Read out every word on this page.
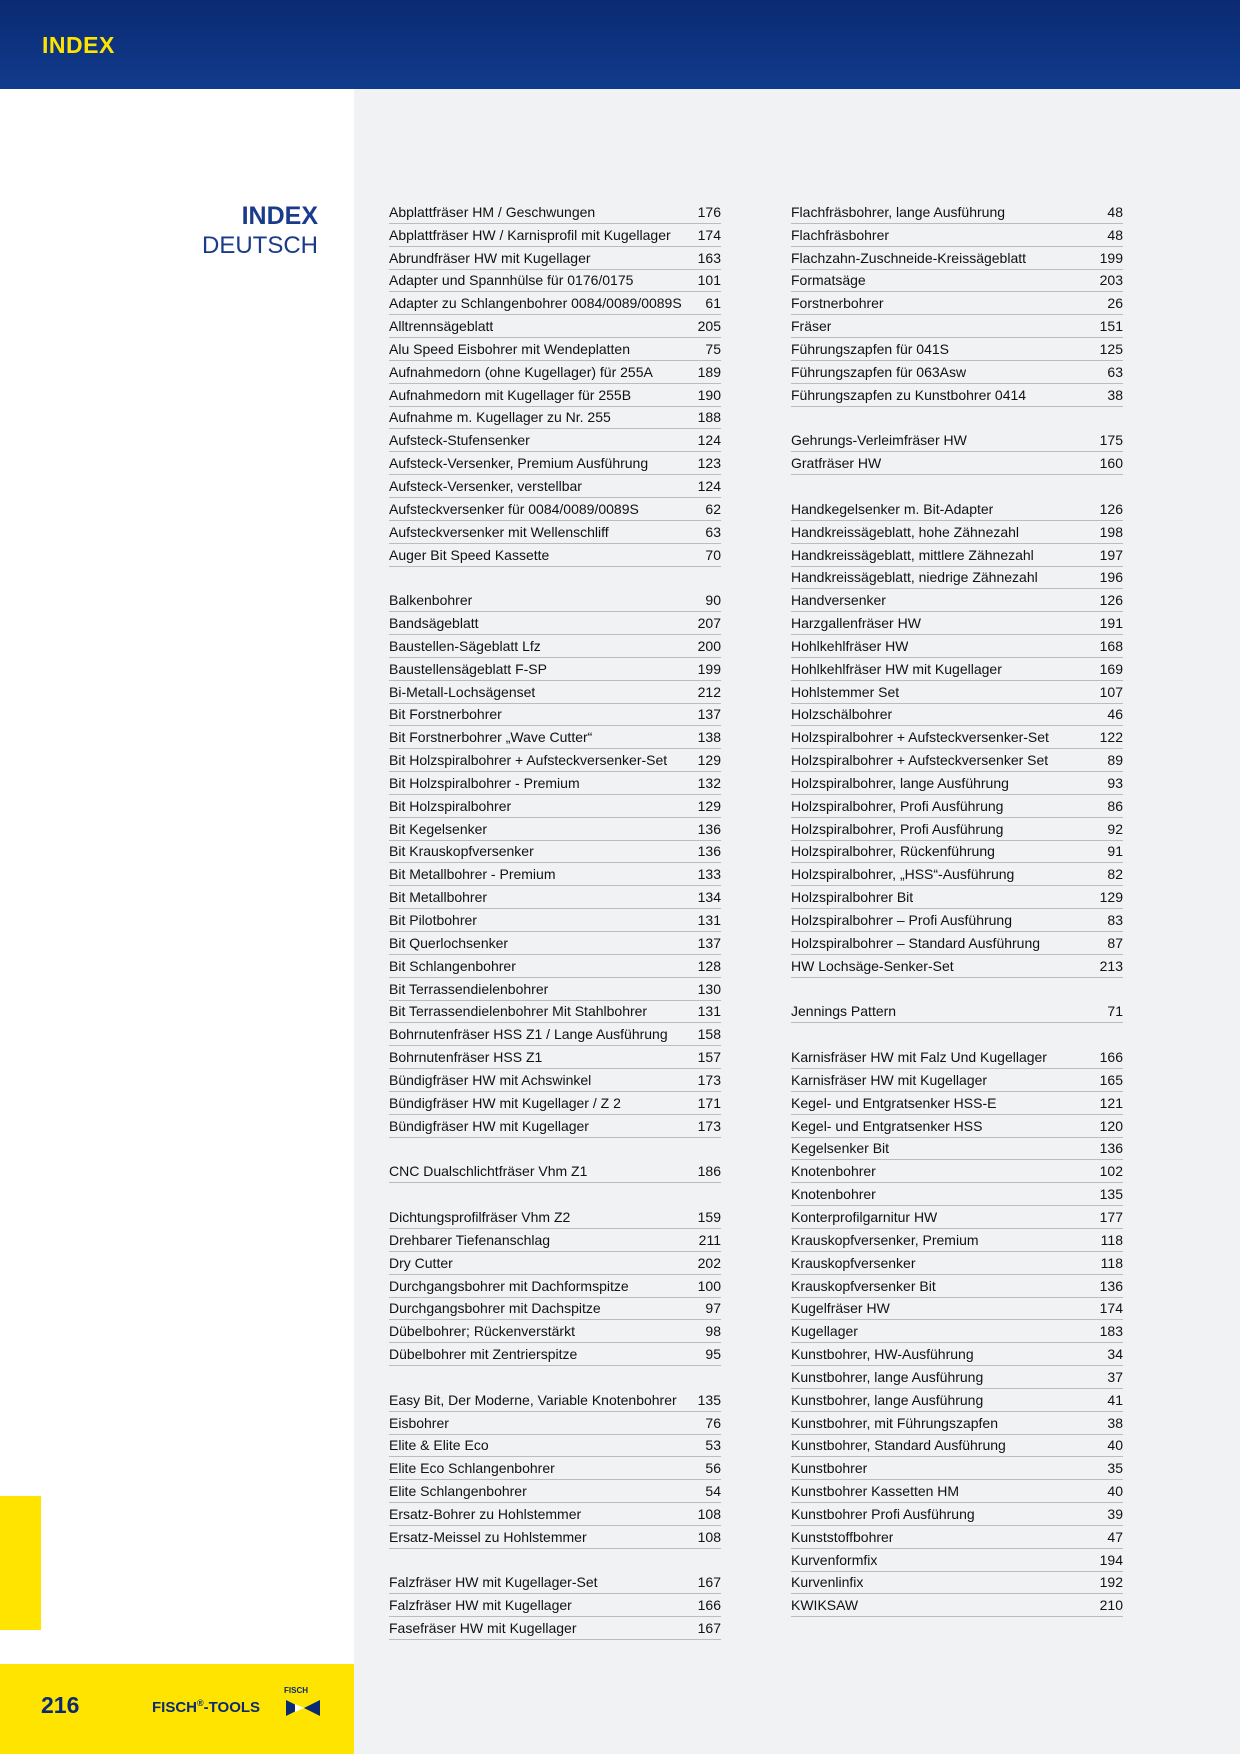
INDEX
INDEX
DEUTSCH
Abplattfräser HM / Geschwungen	176
Abplattfräser HW / Karnisprofil mit Kugellager 174
Abrundfräser HW mit Kugellager	163
Adapter und Spannhülse für 0176/0175	101
Adapter zu Schlangenbohrer 0084/0089/0089S 61
Alltrennsägeblatt	205
Alu Speed Eisbohrer mit Wendeplatten	75
Aufnahmedorn (ohne Kugellager) für 255A	189
Aufnahmedorn mit Kugellager für 255B	190
Aufnahme m. Kugellager zu Nr. 255	188
Aufsteck-Stufensenker	124
Aufsteck-Versenker, Premium Ausführung	123
Aufsteck-Versenker, verstellbar	124
Aufsteckversenker für 0084/0089/0089S	62
Aufsteckversenker mit Wellenschliff	63
Auger Bit Speed Kassette	70
Balkenbohrer	90
Bandsägeblatt	207
Baustellen-Sägeblatt Lfz	200
Baustellensägeblatt F-SP	199
Bi-Metall-Lochsägenset	212
Bit Forstnerbohrer	137
Bit Forstnerbohrer „Wave Cutter“	138
Bit Holzspiralbohrer + Aufsteckversenker-Set 129
Bit Holzspiralbohrer - Premium	132
Bit Holzspiralbohrer	129
Bit Kegelsenker	136
Bit Krauskopfversenker	136
Bit Metallbohrer - Premium	133
Bit Metallbohrer	134
Bit Pilotbohrer	131
Bit Querlochsenker	137
Bit Schlangenbohrer	128
Bit Terrassendielenbohrer	130
Bit Terrassendielenbohrer Mit Stahlbohrer	131
Bohrnutenfräser HSS Z1 / Lange Ausführung 158
Bohrnutenfräser HSS Z1	157
Bündigfräser HW mit Achswinkel	173
Bündigfräser HW mit Kugellager / Z 2	171
Bündigfräser HW mit Kugellager	173
CNC Dualschlichtfräser Vhm Z1	186
Dichtungsprofilfräser Vhm Z2	159
Drehbarer Tiefenanschlag	211
Dry Cutter	202
Durchgangsbohrer mit Dachformspitze	100
Durchgangsbohrer mit Dachspitze	97
Dübelbohrer; Rückenverstärkt	98
Dübelbohrer mit Zentrierspitze	95
Easy Bit, Der Moderne, Variable Knotenbohrer 135
Eisbohrer	76
Elite & Elite Eco	53
Elite Eco Schlangenbohrer	56
Elite Schlangenbohrer	54
Ersatz-Bohrer zu Hohlstemmer	108
Ersatz-Meissel zu Hohlstemmer	108
Falzfräser HW mit Kugellager-Set	167
Falzfräser HW mit Kugellager	166
Fasefräser HW mit Kugellager	167
Flachfräsbohrer, lange Ausführung	48
Flachfräsbohrer	48
Flachzahn-Zuschneide-Kreissägeblatt	199
Formatsäge	203
Forstnerbohrer	26
Fräser	151
Führungszapfen für 041S	125
Führungszapfen für 063Asw	63
Führungszapfen zu Kunstbohrer 0414	38
Gehrungs-Verleimfräser HW	175
Gratfräser HW	160
Handkegelsenker m. Bit-Adapter	126
Handkreissägeblatt, hohe Zähnezahl	198
Handkreissägeblatt, mittlere Zähnezahl	197
Handkreissägeblatt, niedrige Zähnezahl	196
Handversenker	126
Harzgallenfräser HW	191
Hohlkehlfräser HW	168
Hohlkehlfräser HW mit Kugellager	169
Hohlstemmer Set	107
Holzschälbohrer	46
Holzspiralbohrer + Aufsteckversenker-Set	122
Holzspiralbohrer + Aufsteckversenker Set	89
Holzspiralbohrer, lange Ausführung	93
Holzspiralbohrer, Profi Ausführung	86
Holzspiralbohrer, Profi Ausführung	92
Holzspiralbohrer, Rückenführung	91
Holzspiralbohrer, „HSS“-Ausführung	82
Holzspiralbohrer Bit	129
Holzspiralbohrer – Profi Ausführung	83
Holzspiralbohrer – Standard Ausführung	87
HW Lochsäge-Senker-Set	213
Jennings Pattern	71
Karnisfräser HW mit Falz Und Kugellager	166
Karnisfräser HW mit Kugellager	165
Kegel- und Entgratsenker HSS-E	121
Kegel- und Entgratsenker HSS	120
Kegelsenker Bit	136
Knotenbohrer	102
Knotenbohrer	135
Konterprofilgarnitur HW	177
Krauskopfversenker, Premium	118
Krauskopfversenker	118
Krauskopfversenker Bit	136
Kugelfräser HW	174
Kugellager	183
Kunstbohrer, HW-Ausführung	34
Kunstbohrer, lange Ausführung	37
Kunstbohrer, lange Ausführung	41
Kunstbohrer, mit Führungszapfen	38
Kunstbohrer, Standard Ausführung	40
Kunstbohrer	35
Kunstbohrer Kassetten HM	40
Kunstbohrer Profi Ausführung	39
Kunststoffbohrer	47
Kurvenformfix	194
Kurvenlinfix	192
KWIKSAW	210
216	FISCH®-TOOLS
FISCH
